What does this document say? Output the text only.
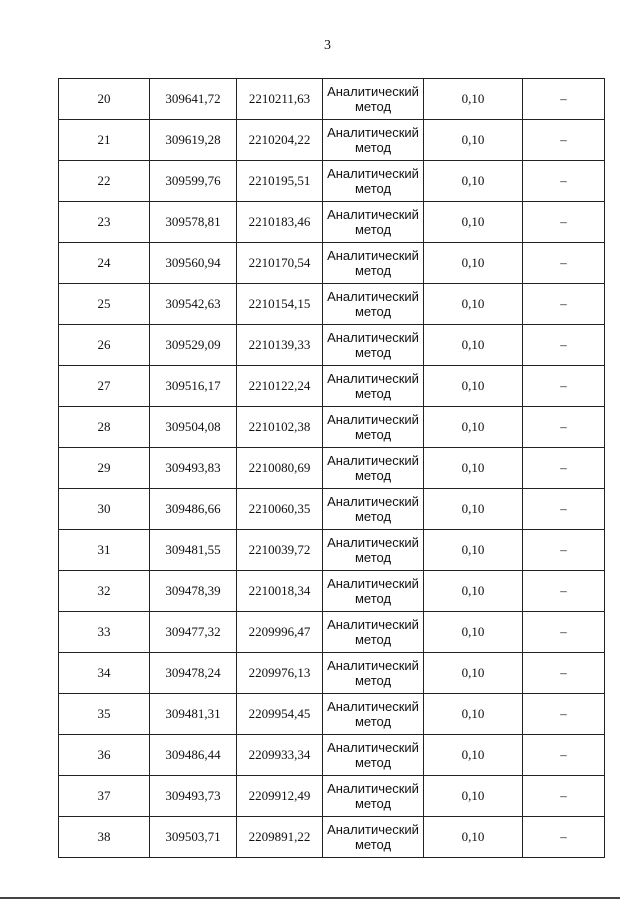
3
20	309641,72	2210211,63	Аналитический
метод	0,10	–
21	309619,28	2210204,22	Аналитический
метод	0,10	–
22	309599,76	2210195,51	Аналитический
метод	0,10	–
23	309578,81	2210183,46	Аналитический
метод	0,10	–
24	309560,94	2210170,54	Аналитический
метод	0,10	–
25	309542,63	2210154,15	Аналитический
метод	0,10	–
26	309529,09	2210139,33	Аналитический
метод	0,10	–
27	309516,17	2210122,24	Аналитический
метод	0,10	–
28	309504,08	2210102,38	Аналитический
метод	0,10	–
29	309493,83	2210080,69	Аналитический
метод	0,10	–
30	309486,66	2210060,35	Аналитический
метод	0,10	–
31	309481,55	2210039,72	Аналитический
метод	0,10	–
32	309478,39	2210018,34	Аналитический
метод	0,10	–
33	309477,32	2209996,47	Аналитический
метод	0,10	–
34	309478,24	2209976,13	Аналитический
метод	0,10	–
35	309481,31	2209954,45	Аналитический
метод	0,10	–
36	309486,44	2209933,34	Аналитический
метод	0,10	–
37	309493,73	2209912,49	Аналитический
метод	0,10	–
38	309503,71	2209891,22	Аналитический
метод	0,10	–
